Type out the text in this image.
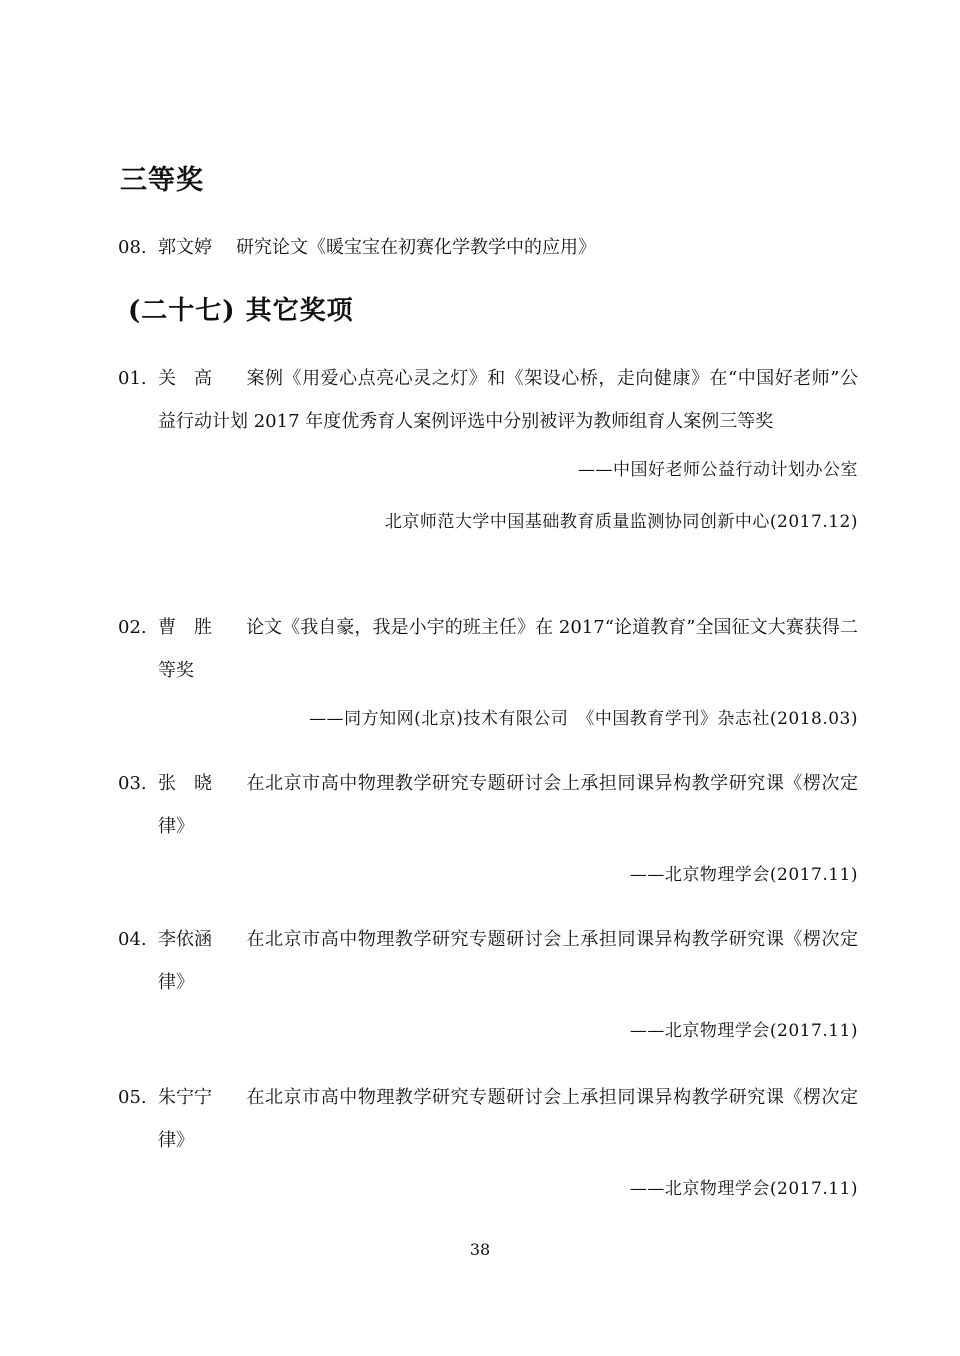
三等奖
08. 郭文婷 研究论文《暖宝宝在初赛化学教学中的应用》
(二十七) 其它奖项
01. 关　高 案例《用爱心点亮心灵之灯》和《架设心桥，走向健康》在“中国好老师”公益行动计划 2017 年度优秀育人案例评选中分别被评为教师组育人案例三等奖
——中国好老师公益行动计划办公室
北京师范大学中国基础教育质量监测协同创新中心(2017.12)
02. 曹　胜 论文《我自豪，我是小宇的班主任》在 2017“论道教育”全国征文大赛获得二等奖
——同方知网(北京)技术有限公司　《中国教育学刊》杂志社(2018.03)
03. 张　晓 在北京市高中物理教学研究专题研讨会上承担同课异构教学研究课《楞次定律》
——北京物理学会(2017.11)
04. 李依涵 在北京市高中物理教学研究专题研讨会上承担同课异构教学研究课《楞次定律》
——北京物理学会(2017.11)
05. 朱宁宁 在北京市高中物理教学研究专题研讨会上承担同课异构教学研究课《楞次定律》
——北京物理学会(2017.11)
38
